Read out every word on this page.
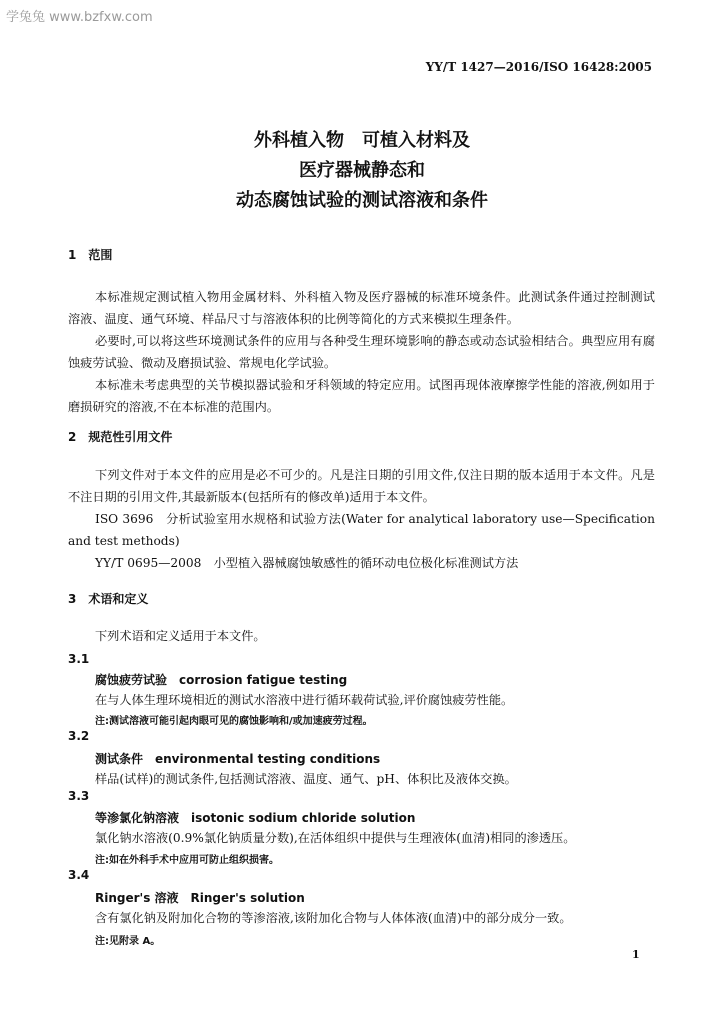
学兔兔 www.bzfxw.com
YY/T 1427—2016/ISO 16428:2005
外科植入物　可植入材料及
医疗器械静态和
动态腐蚀试验的测试溶液和条件
1　范围
本标准规定测试植入物用金属材料、外科植入物及医疗器械的标准环境条件。此测试条件通过控制测试溶液、温度、通气环境、样品尺寸与溶液体积的比例等简化的方式来模拟生理条件。
必要时,可以将这些环境测试条件的应用与各种受生理环境影响的静态或动态试验相结合。典型应用有腐蚀疲劳试验、微动及磨损试验、常规电化学试验。
本标准未考虑典型的关节模拟器试验和牙科领域的特定应用。试图再现体液摩擦学性能的溶液,例如用于磨损研究的溶液,不在本标准的范围内。
2　规范性引用文件
下列文件对于本文件的应用是必不可少的。凡是注日期的引用文件,仅注日期的版本适用于本文件。凡是不注日期的引用文件,其最新版本(包括所有的修改单)适用于本文件。
ISO 3696　分析试验室用水规格和试验方法(Water for analytical laboratory use—Specification and test methods)
YY/T 0695—2008　小型植入器械腐蚀敏感性的循环动电位极化标准测试方法
3　术语和定义
下列术语和定义适用于本文件。
3.1
腐蚀疲劳试验　corrosion fatigue testing
在与人体生理环境相近的测试水溶液中进行循环载荷试验,评价腐蚀疲劳性能。
注:测试溶液可能引起肉眼可见的腐蚀影响和/或加速疲劳过程。
3.2
测试条件　environmental testing conditions
样品(试样)的测试条件,包括测试溶液、温度、通气、pH、体积比及液体交换。
3.3
等渗氯化钠溶液　isotonic sodium chloride solution
氯化钠水溶液(0.9%氯化钠质量分数),在活体组织中提供与生理液体(血清)相同的渗透压。
注:如在外科手术中应用可防止组织损害。
3.4
Ringer's 溶液　Ringer's solution
含有氯化钠及附加化合物的等渗溶液,该附加化合物与人体体液(血清)中的部分成分一致。
注:见附录 A。
1
